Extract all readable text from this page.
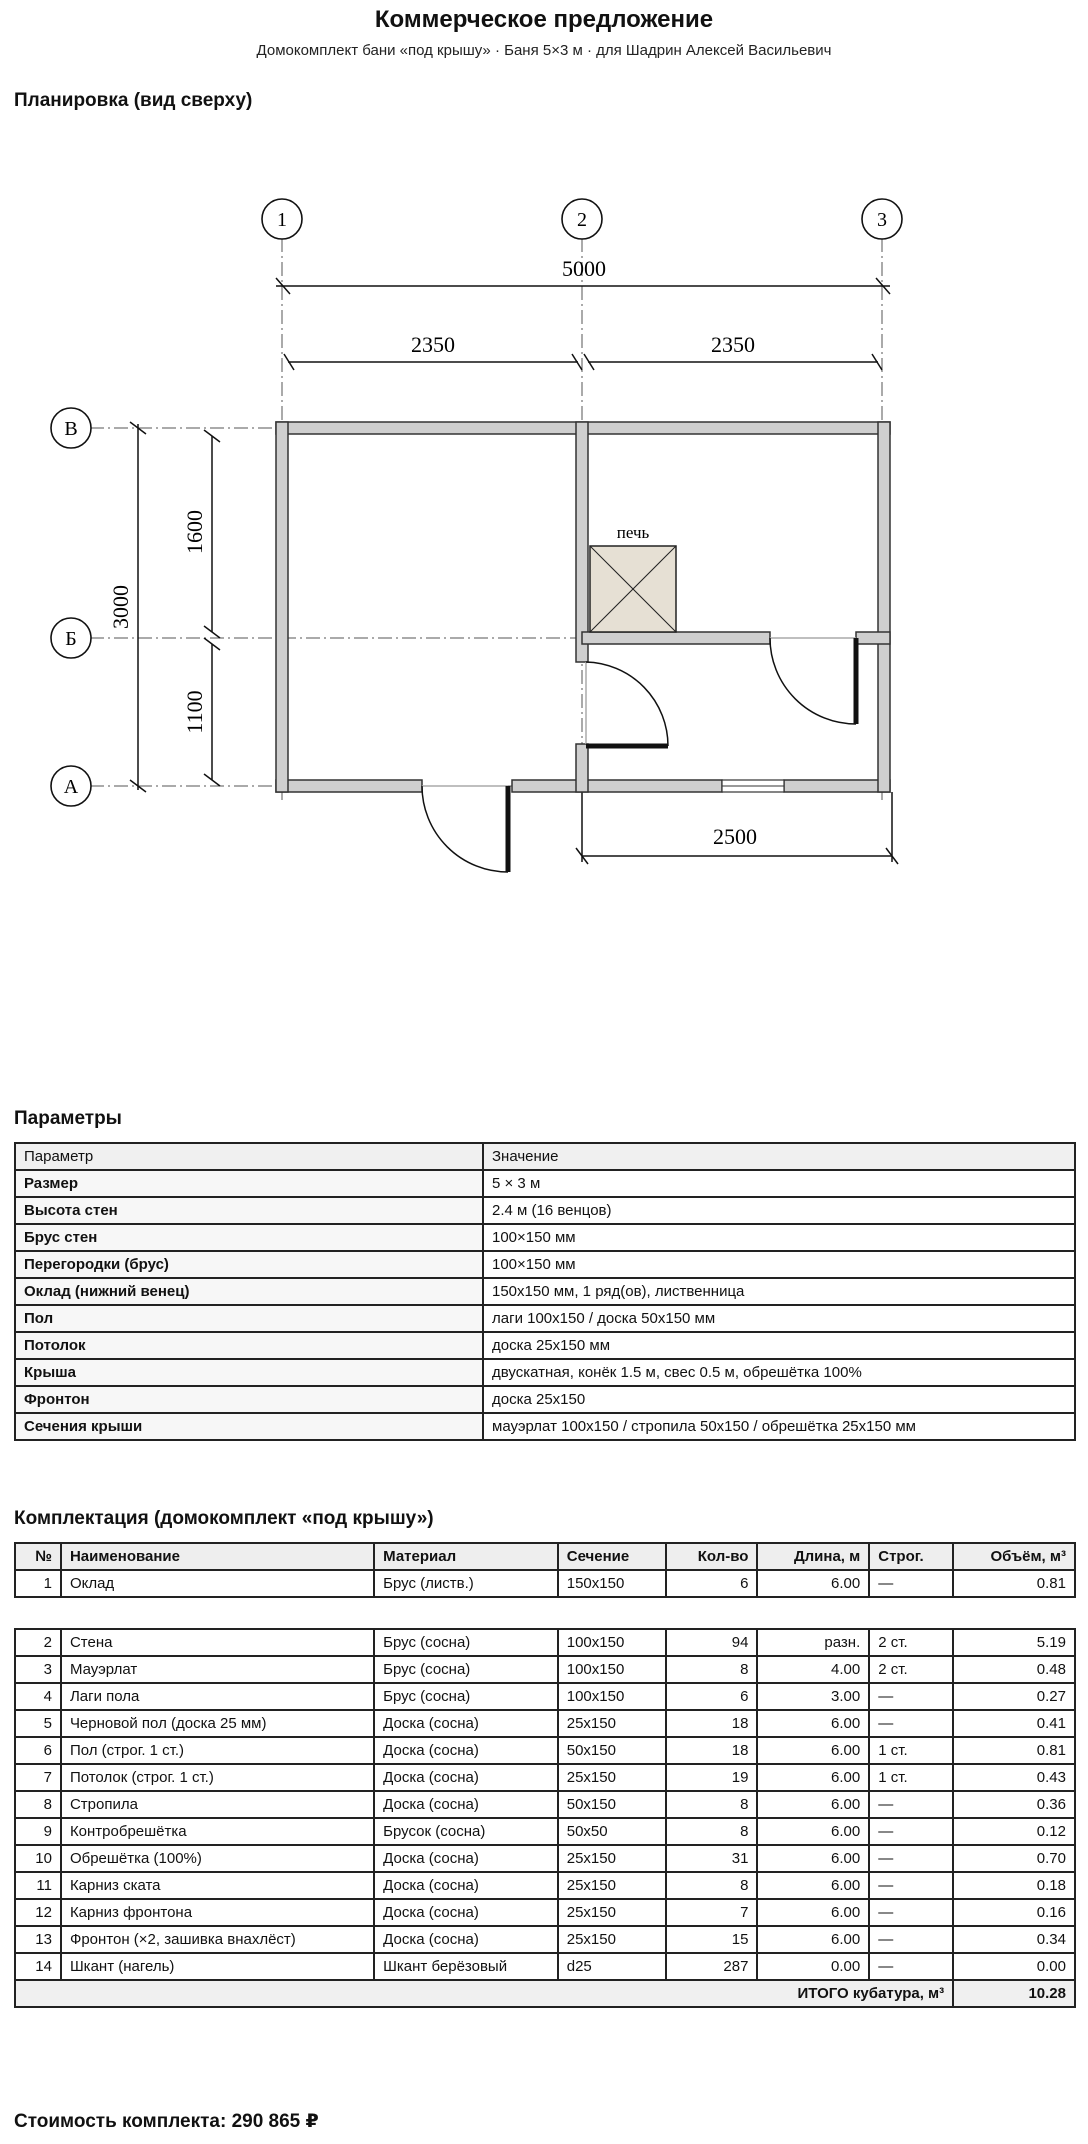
Коммерческое предложение
Домокомплект бани «под крышу» · Баня 5×3 м · для Шадрин Алексей Васильевич
Планировка (вид сверху)
1	2	3
В
Б
А
5000
2350	2350
3000
1600
1100
2500
печь
Параметры
Параметр	Значение
Размер	5 × 3 м
Высота стен	2.4 м (16 венцов)
Брус стен	100×150 мм
Перегородки (брус)	100×150 мм
Оклад (нижний венец)	150x150 мм, 1 ряд(ов), лиственница
Пол	лаги 100x150 / доска 50x150 мм
Потолок	доска 25x150 мм
Крыша	двускатная, конёк 1.5 м, свес 0.5 м, обрешётка 100%
Фронтон	доска 25x150
Сечения крыши	мауэрлат 100x150 / стропила 50x150 / обрешётка 25x150 мм
Комплектация (домокомплект «под крышу»)
№	Наименование	Материал	Сечение	Кол-во	Длина, м	Строг.	Объём, м³
1	Оклад	Брус (листв.)	150x150	6	6.00	—	0.81

2	Стена	Брус (сосна)	100x150	94	разн.	2 ст.	5.19
3	Мауэрлат	Брус (сосна)	100x150	8	4.00	2 ст.	0.48
4	Лаги пола	Брус (сосна)	100x150	6	3.00	—	0.27
5	Черновой пол (доска 25 мм)	Доска (сосна)	25x150	18	6.00	—	0.41
6	Пол (строг. 1 ст.)	Доска (сосна)	50x150	18	6.00	1 ст.	0.81
7	Потолок (строг. 1 ст.)	Доска (сосна)	25x150	19	6.00	1 ст.	0.43
8	Стропила	Доска (сосна)	50x150	8	6.00	—	0.36
9	Контробрешётка	Брусок (сосна)	50x50	8	6.00	—	0.12
10	Обрешётка (100%)	Доска (сосна)	25x150	31	6.00	—	0.70
11	Карниз ската	Доска (сосна)	25x150	8	6.00	—	0.18
12	Карниз фронтона	Доска (сосна)	25x150	7	6.00	—	0.16
13	Фронтон (×2, зашивка внахлёст)	Доска (сосна)	25x150	15	6.00	—	0.34
14	Шкант (нагель)	Шкант берёзовый	d25	287	0.00	—	0.00
ИТОГО кубатура, м³							10.28
Стоимость комплекта: 290 865 ₽
